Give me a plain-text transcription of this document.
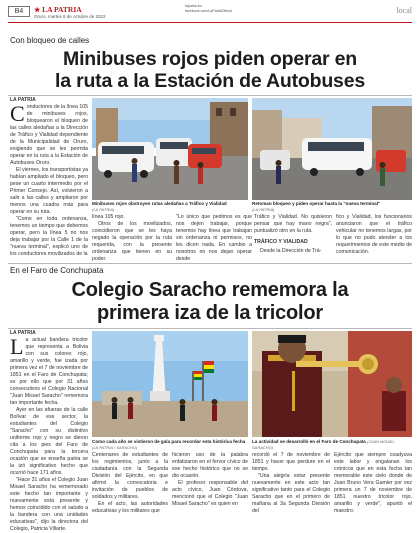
B4	★ LA PATRIA
Oruro, martes 8 de octubre de 2022
lapatria.bo
facebook.com/LaPatriaOficial	local
Con bloqueo de calles
Minibuses rojos piden operar en
la ruta a la Estación de Autobuses
LA PATRIA
Conductores de la línea 105 de minibuses rojos, bloquearon el bloqueo de las calles aledañas a la Dirección de Tráfico y Vialidad dependiente de la Municipalidad de Oruro, exigiendo que se les permita operar en la ruta a la Estación de Autobuses Oruro.
El viernes, los transportistas ya habían ampliado el bloqueo, pero pese un cuarto intermedio por el Primer Consejo. Así, volvieron a salir a las calles y ampliaron por menos una cuadra más para operar en su ruta.
"Como en toda ordenanza, tenemos un tiempo que debemos operar, pero la línea 5 no nos deja trabajar por la Calle 1 de la "nueva terminal", explicó uno de los conductores movilizados de la
Minibuses rojos obstruyen rutas aledañas a Tráfico y Vialidad
(LA PATRIA)
Retoman bloqueo y piden operar hasta la "nueva terminal"
(LA PATRIA)
línea 105 rojo.
Otros de los movilizados, coincidieron que se les haya negado la operación por la ruta requerida, con la presente ordenanza que tienen en su poder.
"Lo único que pedimos es que nos dejen trabajar, porque tenemos hay línea que trabajan sin ordenanza ni permisos, no les dicen nada. En cambio a nosotros no nos dejan operar desde
Tráfico y Vialidad. No quisieron pensar que hay mano negra", puntualizó otro en la ruta.
TRÁFICO Y VIALIDAD
Desde la Dirección de Trá-
fico y Vialidad, los funcionarios anunciaron que el tráfico vehicular no tenemos largas, por lo que no pudo atender a los requerimientos de este medio de comunicación.
En el Faro de Conchupata
Colegio Saracho rememora la
primera iza de la tricolor
LA PATRIA
La actual bandera tricolor que representa a Bolivia con sus colores rojo, amarillo y verde, fue izada por primera vez el 7 de noviembre de 1851 en el Faro de Conchupata; es por ello que por 31 años consecutivos el Colegio Nacional "Juan Misael Saracho" rememora tan importante fecha.
Ayer en las afueras de la calle Bolívar de ese sector, la estudiantes del Colegio "Saracho" con su distintivo uniforme rojo y negro se dieron cita a los pies del Faro de Conchupata para la tercera ocasión que se enseña patria se la izó significativo hecho que ocurrió hace 171 años.
"Hace 31 años el Colegio Juan Misael Saracho ha rememorado este hecho tan importante y nuevamente está presente y hemos coincidido con el saludo a la bandera con una unidades educativas", dijo la directora del Colegio, Patricia Villarte.
Como cada año se vistieron de gala para recordar esta histórica fecha (LA PATRIA / SARACHO)
La actividad se desarrolló en el Faro de Conchupata (JUAN MISAEL SARACHO)
Centenares de estudiantes de los regimientos, junto a la ciudadanía con la Segunda División del Ejército, en que afirmó la convocatoria e invitación de pueblos de soldados y militares.
En el acto, las autoridades educativas y los militares que
hicieron uso de la palabra enfatizaron en el fervor cívico de ese hecho histórico que no se dio ocasión.
El profesor responsable del acto cívico, Juan Córdova, mencionó que el Colegio "Juan Misael Saracho" es quien en
recordó el 7 de noviembre de 1851 y hacer que perdure en el tiempo.
"Una alegría estar presente nuevamente en este acto tan significativo tanto para el Colegio Saracho que en el primero de mañana al 3a Segunda División del
Ejército que siempre coadyuva este labor y engalanan los crónicos que en esta fecha tan memorable este cielo donde de Juan Bruno Vera Gamier por vez primera un 7 de noviembre de 1851 nuestro tricolor rojo, amarillo y verde", apuntó el maestro.
